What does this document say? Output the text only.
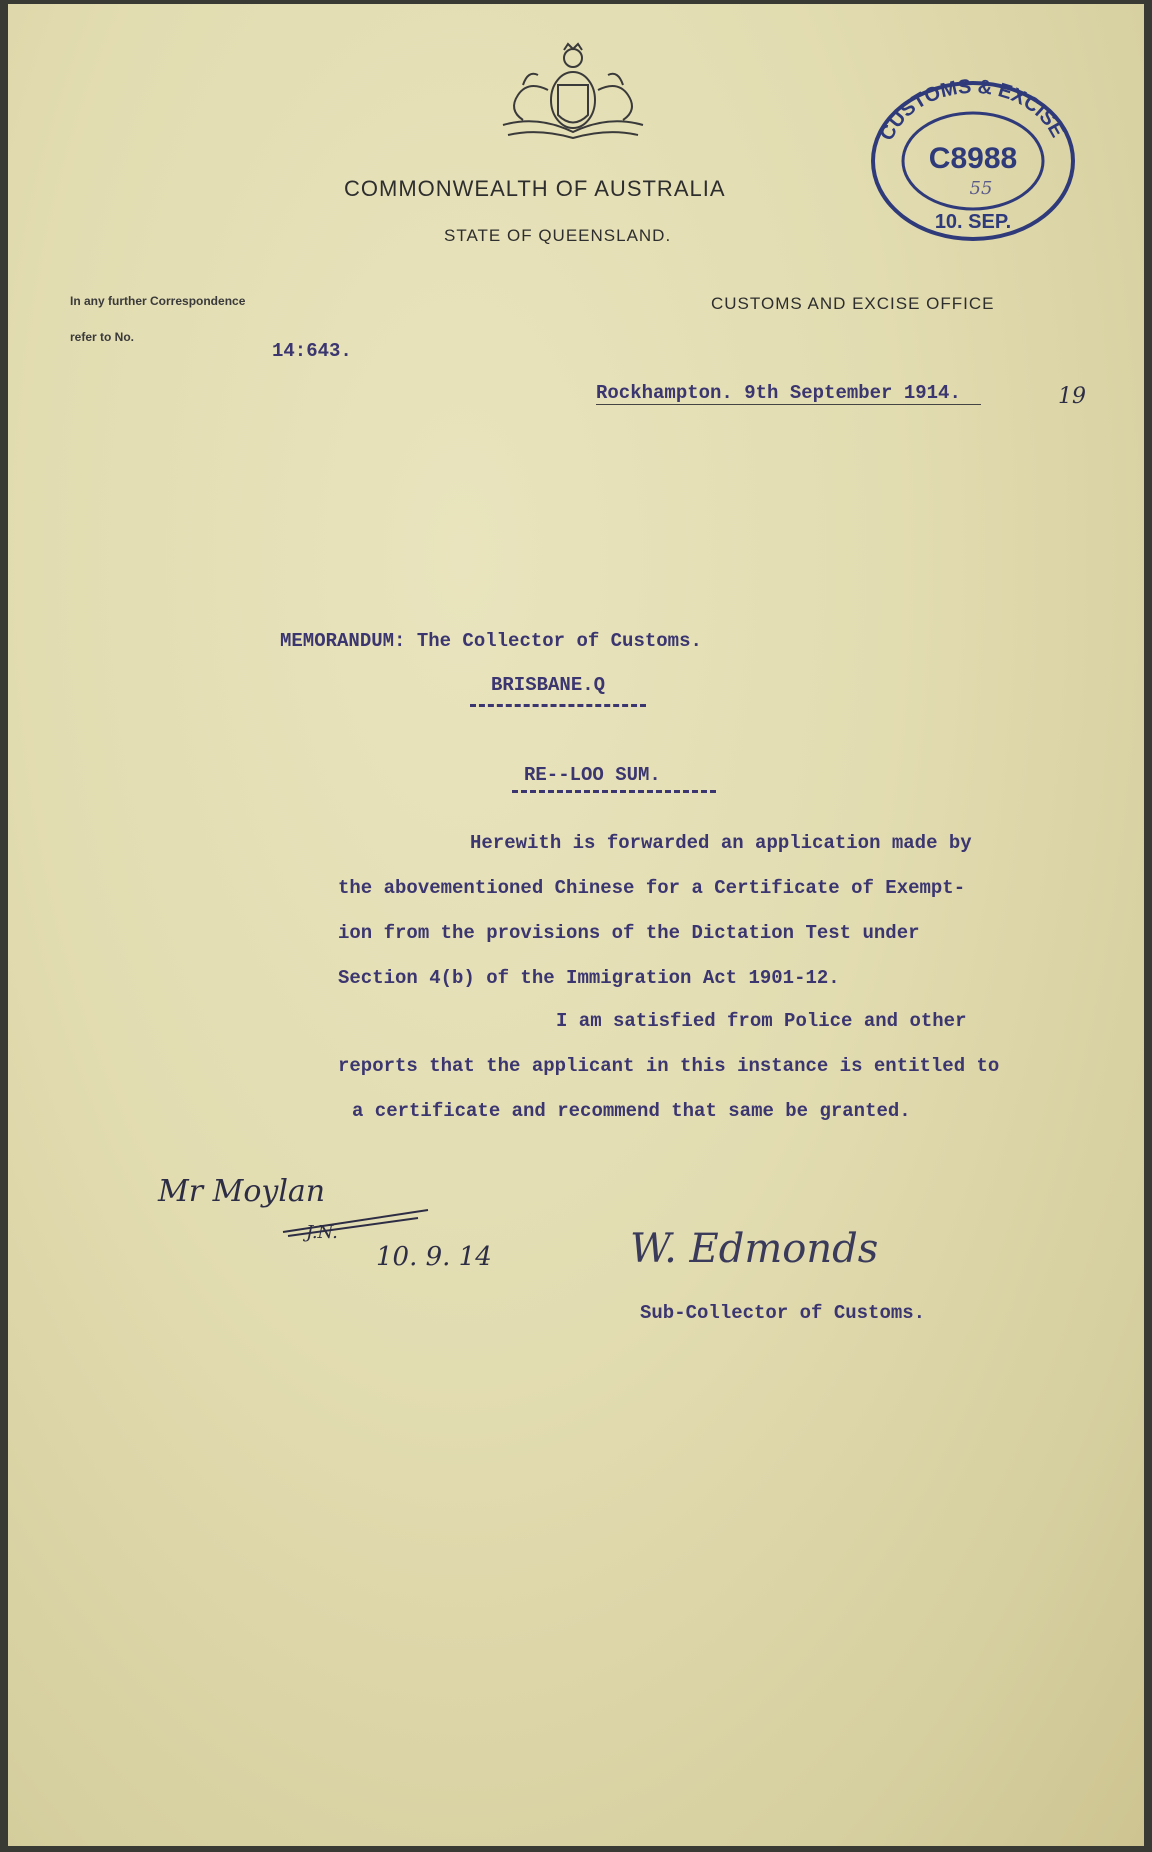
COMMONWEALTH OF AUSTRALIA
STATE OF QUEENSLAND.
CUSTOMS AND EXCISE OFFICE
In any further Correspondence
refer to No.
14:643.
Rockhampton. 9th September 1914.	19
CUSTOMS & EXCISE
C8988
55
10. SEP.
MEMORANDUM: The Collector of Customs.
BRISBANE.Q
RE--LOO SUM.
Herewith is forwarded an application made by
the abovementioned Chinese for a Certificate of Exempt-
ion from the provisions of the Dictation Test under
Section 4(b) of the Immigration Act 1901-12.
I am satisfied from Police and other
reports that the applicant in this instance is entitled to
a certificate and recommend that same be granted.
Mr Moylan
J.N.
10. 9. 14	W. Edmonds
Sub-Collector of Customs.
